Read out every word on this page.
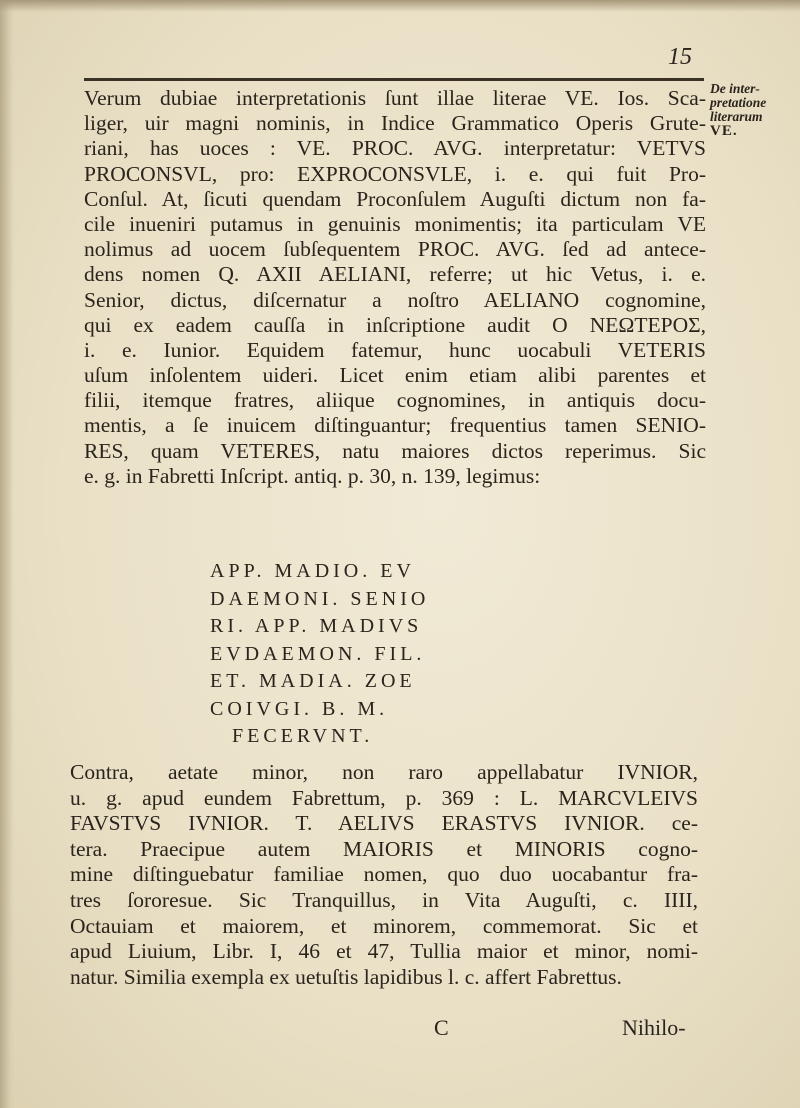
15
De inter-
pretatione
literarum
VE.
Verum dubiae interpretationis ſunt illae literae VE. Ios. Sca-
liger, uir magni nominis, in Indice Grammatico Operis Grute-
riani, has uoces : VE. PROC. AVG. interpretatur: VETVS
PROCONSVL, pro: EXPROCONSVLE, i. e. qui fuit Pro-
Conſul. At, ſicuti quendam Proconſulem Auguſti dictum non fa-
cile inueniri putamus in genuinis monimentis; ita particulam VE
nolimus ad uocem ſubſequentem PROC. AVG. ſed ad antece-
dens nomen Q. AXII AELIANI, referre; ut hic Vetus, i. e.
Senior, dictus, diſcernatur a noſtro AELIANO cognomine,
qui ex eadem cauſſa in inſcriptione audit Ο ΝΕΩΤΕΡΟΣ,
i. e. Iunior. Equidem fatemur, hunc uocabuli VETERIS
uſum inſolentem uideri. Licet enim etiam alibi parentes et
filii, itemque fratres, aliique cognomines, in antiquis docu-
mentis, a ſe inuicem diſtinguantur; frequentius tamen SENIO-
RES, quam VETERES, natu maiores dictos reperimus. Sic
e. g. in Fabretti Inſcript. antiq. p. 30, n. 139, legimus:
APP. MADIO. EV
DAEMONI. SENIO
RI. APP. MADIVS
EVDAEMON. FIL.
ET. MADIA. ZOE
COIVGI. B. M.
FECERVNT.
Contra, aetate minor, non raro appellabatur IVNIOR,
u. g. apud eundem Fabrettum, p. 369 : L. MARCVLEIVS
FAVSTVS IVNIOR. T. AELIVS ERASTVS IVNIOR. ce-
tera. Praecipue autem MAIORIS et MINORIS cogno-
mine diſtinguebatur familiae nomen, quo duo uocabantur fra-
tres ſororesue. Sic Tranquillus, in Vita Auguſti, c. IIII,
Octauiam et maiorem, et minorem, commemorat. Sic et
apud Liuium, Libr. I, 46 et 47, Tullia maior et minor, nomi-
natur. Similia exempla ex uetuſtis lapidibus l. c. affert Fabrettus.
C	Nihilo-
